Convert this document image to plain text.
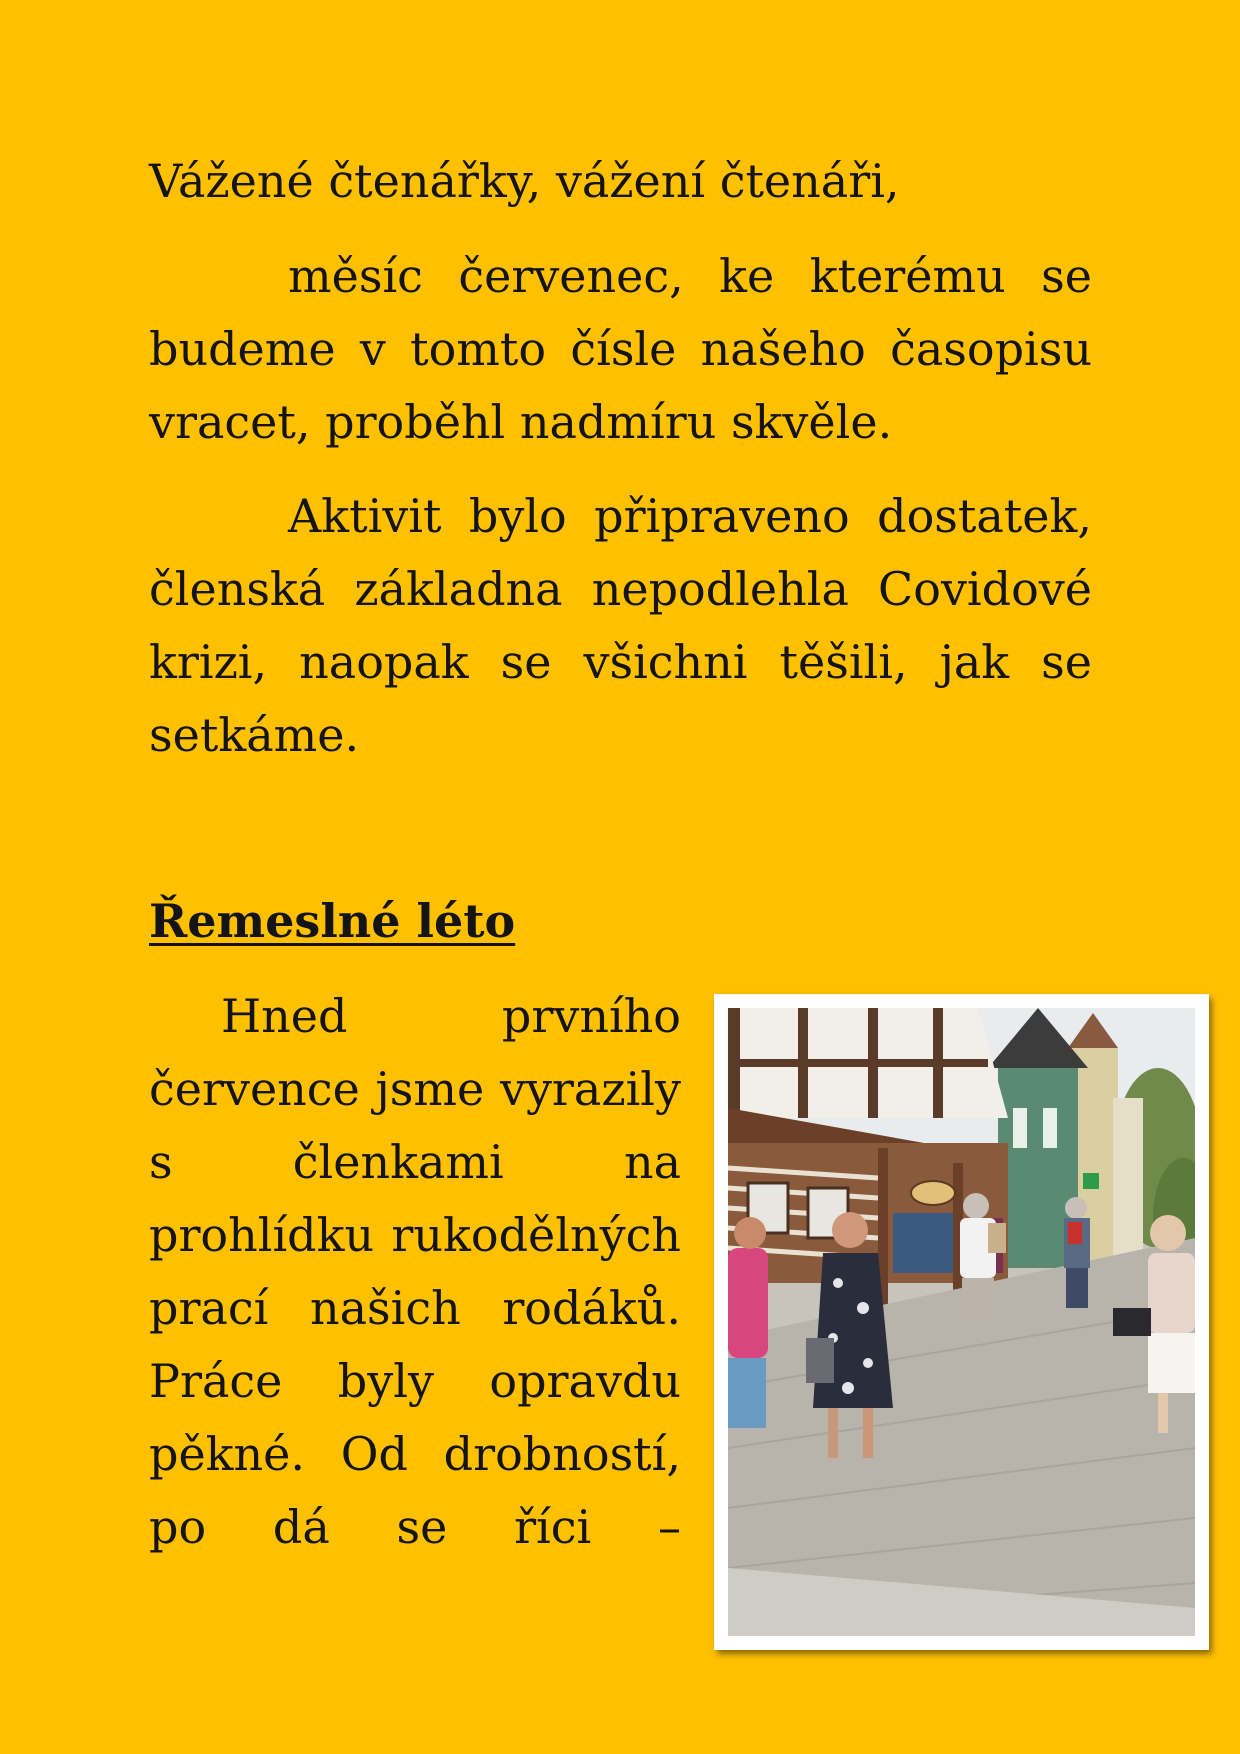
Vážené čtenářky, vážení čtenáři,

měsíc červenec, ke kterému se budeme v tomto čísle našeho časopisu vracet, proběhl nadmíru skvěle.

Aktivit bylo připraveno dostatek, členská základna nepodlehla Covidové krizi, naopak se všichni těšili, jak se setkáme.

Řemeslné léto
Hned prvního
července jsme vyrazily
s členkami na
prohlídku rukodělných
prací našich rodáků.
Práce byly opravdu
pěkné. Od drobností,
po dá se říci –
